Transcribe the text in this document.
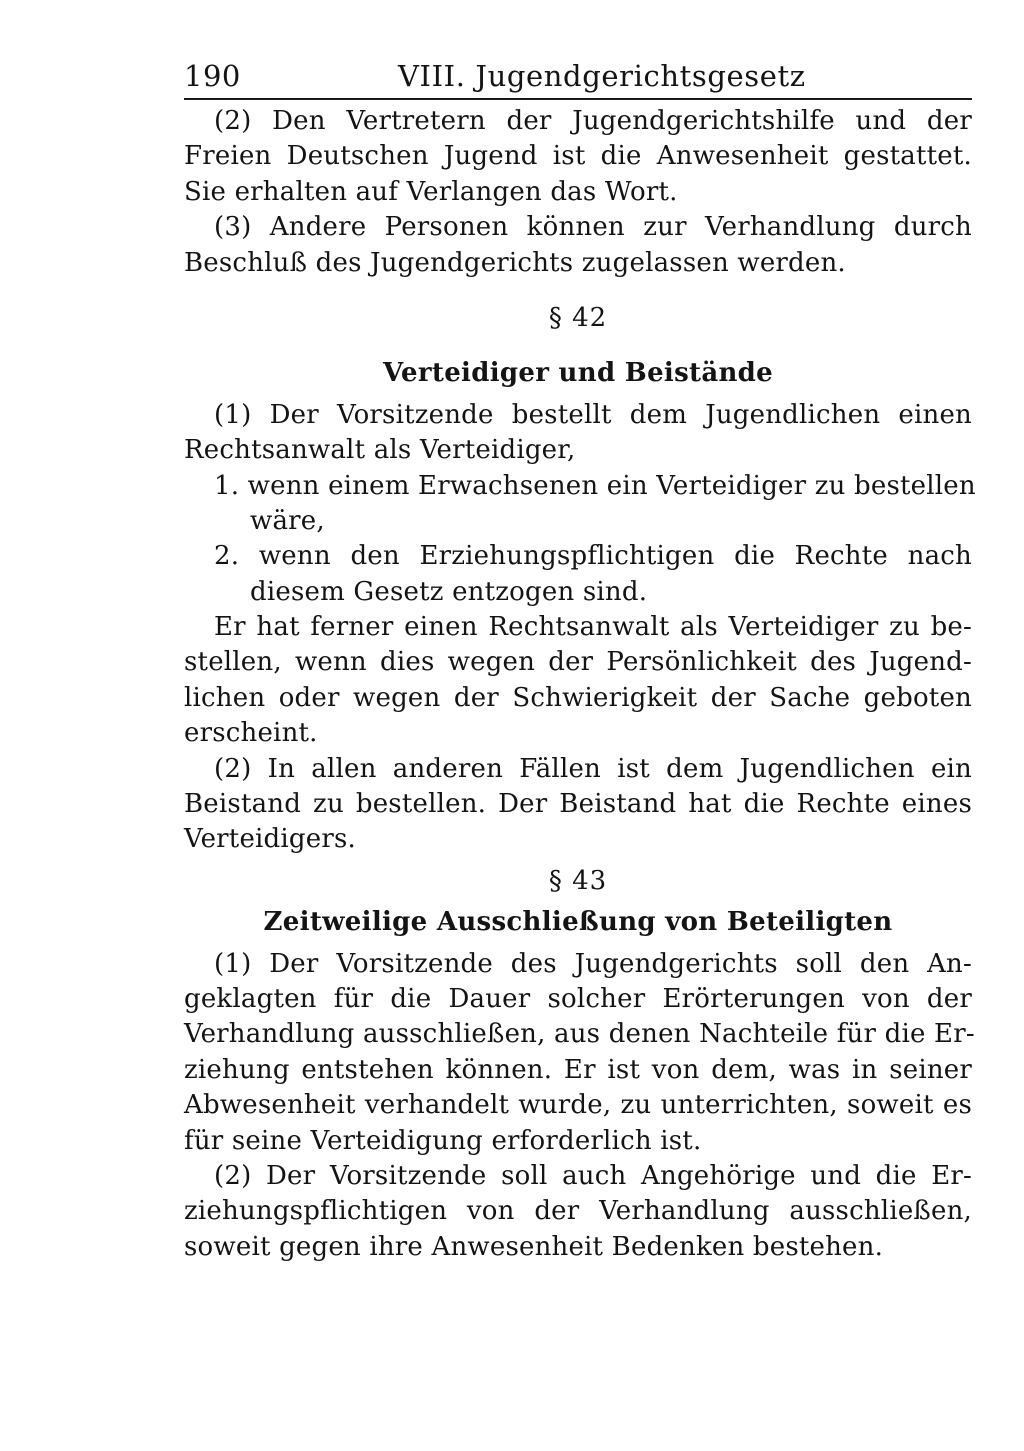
190	VIII. Jugendgerichtsgesetz
(2) Den Vertretern der Jugendgerichtshilfe und der
Freien Deutschen Jugend ist die Anwesenheit gestattet.
Sie erhalten auf Verlangen das Wort.
(3) Andere Personen können zur Verhandlung durch
Beschluß des Jugendgerichts zugelassen werden.
§ 42
Verteidiger und Beistände
(1) Der Vorsitzende bestellt dem Jugendlichen einen
Rechtsanwalt als Verteidiger,
1. wenn einem Erwachsenen ein Verteidiger zu bestellen
wäre,
2. wenn den Erziehungspflichtigen die Rechte nach
diesem Gesetz entzogen sind.
Er hat ferner einen Rechtsanwalt als Verteidiger zu be-
stellen, wenn dies wegen der Persönlichkeit des Jugend-
lichen oder wegen der Schwierigkeit der Sache geboten
erscheint.
(2) In allen anderen Fällen ist dem Jugendlichen ein
Beistand zu bestellen. Der Beistand hat die Rechte eines
Verteidigers.
§ 43
Zeitweilige Ausschließung von Beteiligten
(1) Der Vorsitzende des Jugendgerichts soll den An-
geklagten für die Dauer solcher Erörterungen von der
Verhandlung ausschließen, aus denen Nachteile für die Er-
ziehung entstehen können. Er ist von dem, was in seiner
Abwesenheit verhandelt wurde, zu unterrichten, soweit es
für seine Verteidigung erforderlich ist.
(2) Der Vorsitzende soll auch Angehörige und die Er-
ziehungspflichtigen von der Verhandlung ausschließen,
soweit gegen ihre Anwesenheit Bedenken bestehen.
